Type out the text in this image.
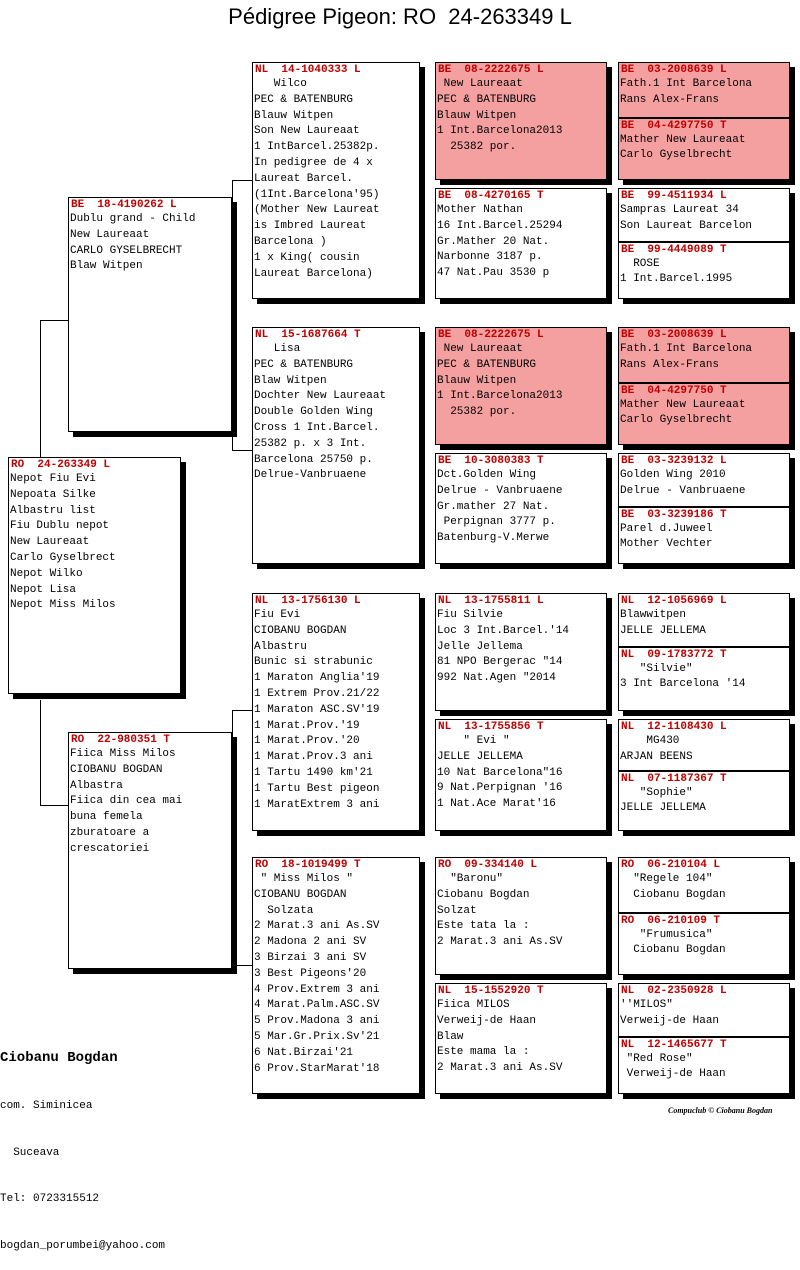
Pédigree Pigeon: RO  24-263349 L
RO  24-263349 L
Nepot Fiu Evi
Nepoata Silke
Albastru list
Fiu Dublu nepot
New Laureaat
Carlo Gyselbrect
Nepot Wilko
Nepot Lisa
Nepot Miss Milos
BE  18-4190262 L
Dublu grand - Child
New Laureaat
CARLO GYSELBRECHT
Blaw Witpen
RO  22-980351 T
Fiica Miss Milos
CIOBANU BOGDAN
Albastra
Fiica din cea mai
buna femela
zburatoare a
crescatoriei
NL  14-1040333 L
Wilco
PEC & BATENBURG
Blauw Witpen
Son New Laureaat
1 IntBarcel.25382p.
In pedigree de 4 x
Laureat Barcel.
(1Int.Barcelona'95)
(Mother New Laureat
is Imbred Laureat
Barcelona )
1 x King( cousin
Laureat Barcelona)
NL  15-1687664 T
Lisa
PEC & BATENBURG
Blaw Witpen
Dochter New Laureaat
Double Golden Wing
Cross 1 Int.Barcel.
25382 p. x 3 Int.
Barcelona 25750 p.
Delrue-Vanbruaene
NL  13-1756130 L
Fiu Evi
CIOBANU BOGDAN
Albastru
Bunic si strabunic
1 Maraton Anglia'19
1 Extrem Prov.21/22
1 Maraton ASC.SV'19
1 Marat.Prov.'19
1 Marat.Prov.'20
1 Marat.Prov.3 ani
1 Tartu 1490 km'21
1 Tartu Best pigeon
1 MaratExtrem 3 ani
RO  18-1019499 T
" Miss Milos "
CIOBANU BOGDAN
Solzata
2 Marat.3 ani As.SV
2 Madona 2 ani SV
3 Birzai 3 ani SV
3 Best Pigeons'20
4 Prov.Extrem 3 ani
4 Marat.Palm.ASC.SV
5 Prov.Madona 3 ani
5 Mar.Gr.Prix.Sv'21
6 Nat.Birzai'21
6 Prov.StarMarat'18
BE  08-2222675 L
New Laureaat
PEC & BATENBURG
Blauw Witpen
1 Int.Barcelona2013
25382 por.
BE  08-4270165 T
Mother Nathan
16 Int.Barcel.25294
Gr.Mather 20 Nat.
Narbonne 3187 p.
47 Nat.Pau 3530 p
BE  08-2222675 L
New Laureaat
PEC & BATENBURG
Blauw Witpen
1 Int.Barcelona2013
25382 por.
BE  10-3080383 T
Dct.Golden Wing
Delrue - Vanbruaene
Gr.mather 27 Nat.
Perpignan 3777 p.
Batenburg-V.Merwe
NL  13-1755811 L
Fiu Silvie
Loc 3 Int.Barcel.'14
Jelle Jellema
81 NPO Bergerac "14
992 Nat.Agen "2014
NL  13-1755856 T
" Evi "
JELLE JELLEMA
10 Nat Barcelona"16
9 Nat.Perpignan '16
1 Nat.Ace Marat'16
RO  09-334140 L
"Baronu"
Ciobanu Bogdan
Solzat
Este tata la :
2 Marat.3 ani As.SV
NL  15-1552920 T
Fiica MILOS
Verweij-de Haan
Blaw
Este mama la :
2 Marat.3 ani As.SV
BE  03-2008639 L
Fath.1 Int Barcelona
Rans Alex-Frans
BE  04-4297750 T
Mather New Laureaat
Carlo Gyselbrecht
BE  99-4511934 L
Sampras Laureat 34
Son Laureat Barcelon
BE  99-4449089 T
ROSE
1 Int.Barcel.1995
BE  03-2008639 L
Fath.1 Int Barcelona
Rans Alex-Frans
BE  04-4297750 T
Mather New Laureaat
Carlo Gyselbrecht
BE  03-3239132 L
Golden Wing 2010
Delrue - Vanbruaene
BE  03-3239186 T
Parel d.Juweel
Mother Vechter
NL  12-1056969 L
Blawwitpen
JELLE JELLEMA
NL  09-1783772 T
"Silvie"
3 Int Barcelona '14
NL  12-1108430 L
MG430
ARJAN BEENS
NL  07-1187367 T
"Sophie"
JELLE JELLEMA
RO  06-210104 L
"Regele 104"
Ciobanu Bogdan
RO  06-210109 T
"Frumusica"
Ciobanu Bogdan
NL  02-2350928 L
''MILOS"
Verweij-de Haan
NL  12-1465677 T
"Red Rose"
Verweij-de Haan

Ciobanu Bogdan

com. Siminicea

Suceava

Tel: 0723315512

bogdan_porumbei@yahoo.com

Compuclub © Ciobanu Bogdan
